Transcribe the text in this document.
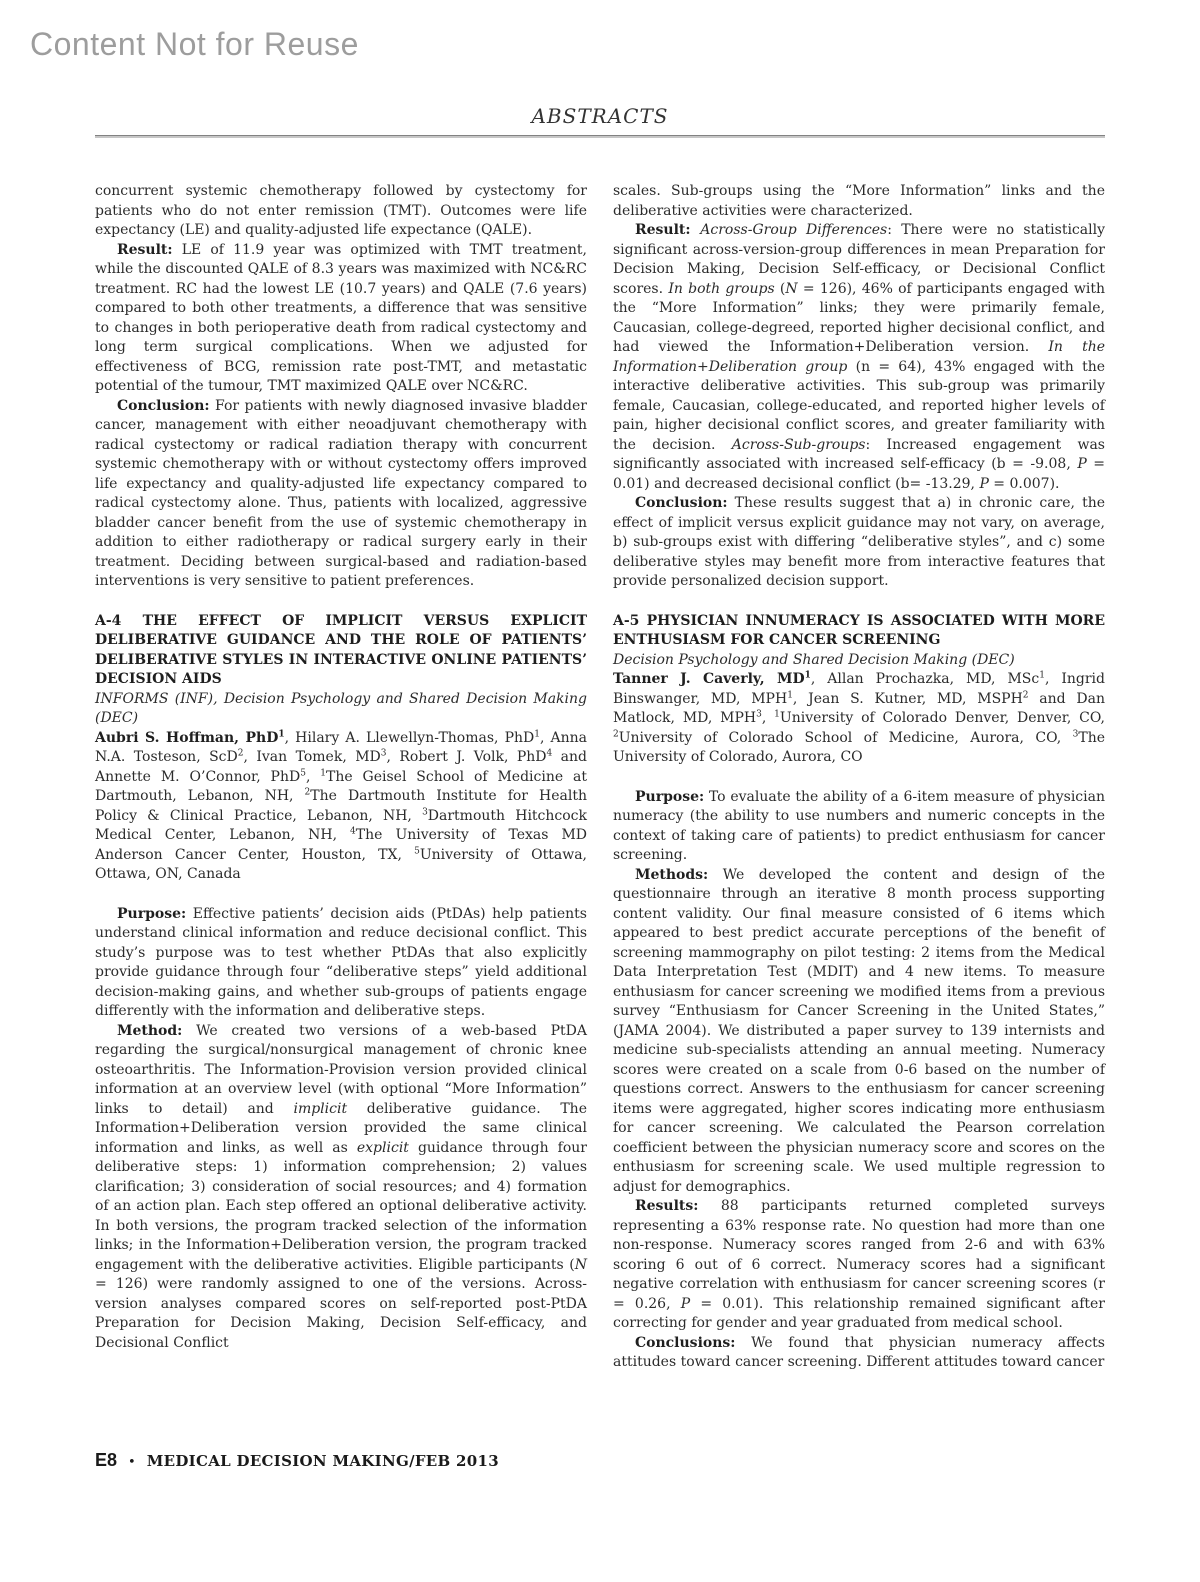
Content Not for Reuse
ABSTRACTS

concurrent systemic chemotherapy followed by cystectomy for patients who do not enter remission (TMT). Outcomes were life expectancy (LE) and quality-adjusted life expectance (QALE).

Result: LE of 11.9 year was optimized with TMT treatment, while the discounted QALE of 8.3 years was maximized with NC&RC treatment. RC had the lowest LE (10.7 years) and QALE (7.6 years) compared to both other treatments, a difference that was sensitive to changes in both perioperative death from radical cystectomy and long term surgical complications. When we adjusted for effectiveness of BCG, remission rate post-TMT, and metastatic potential of the tumour, TMT maximized QALE over NC&RC.

Conclusion: For patients with newly diagnosed invasive bladder cancer, management with either neoadjuvant chemotherapy with radical cystectomy or radical radiation therapy with concurrent systemic chemotherapy with or without cystectomy offers improved life expectancy and quality-adjusted life expectancy compared to radical cystectomy alone. Thus, patients with localized, aggressive bladder cancer benefit from the use of systemic chemotherapy in addition to either radiotherapy or radical surgery early in their treatment. Deciding between surgical-based and radiation-based interventions is very sensitive to patient preferences.

A-4 THE EFFECT OF IMPLICIT VERSUS EXPLICIT DELIBERATIVE GUIDANCE AND THE ROLE OF PATIENTS’ DELIBERATIVE STYLES IN INTERACTIVE ONLINE PATIENTS’ DECISION AIDS

INFORMS (INF), Decision Psychology and Shared Decision Making (DEC)

Aubri S. Hoffman, PhD$^1$, Hilary A. Llewellyn-Thomas, PhD$^1$, Anna N.A. Tosteson, ScD$^2$, Ivan Tomek, $MD^3$, Robert J. Volk, PhD$^4$ and Annette M. O’Connor, PhD$^5$, $^1$The Geisel School of Medicine at Dartmouth, Lebanon, NH, $^2$The Dartmouth Institute for Health Policy & Clinical Practice, Lebanon, NH, $^3$Dartmouth Hitchcock Medical Center, Lebanon, NH, $^4$The University of Texas MD Anderson Cancer Center, Houston, TX, $^5$University of Ottawa, Ottawa, ON, Canada

Purpose: Effective patients’ decision aids (PtDAs) help patients understand clinical information and reduce decisional conflict. This study’s purpose was to test whether PtDAs that also explicitly provide guidance through four “deliberative steps” yield additional decision-making gains, and whether sub-groups of patients engage differently with the information and deliberative steps.

Method: We created two versions of a web-based PtDA regarding the surgical/nonsurgical management of chronic knee osteoarthritis. The Information-Provision version provided clinical information at an overview level (with optional “More Information” links to detail) and implicit deliberative guidance. The Information+Deliberation version provided the same clinical information and links, as well as explicit guidance through four deliberative steps: 1) information comprehension; 2) values clarification; 3) consideration of social resources; and 4) formation of an action plan. Each step offered an optional deliberative activity. In both versions, the program tracked selection of the information links; in the Information+Deliberation version, the program tracked engagement with the deliberative activities. Eligible participants (N = 126) were randomly assigned to one of the versions. Across-version analyses compared scores on self-reported post-PtDA Preparation for Decision Making, Decision Self-efficacy, and Decisional Conflict

scales. Sub-groups using the “More Information” links and the deliberative activities were characterized.

Result: Across-Group Differences: There were no statistically significant across-version-group differences in mean Preparation for Decision Making, Decision Self-efficacy, or Decisional Conflict scores. In both groups (N = 126), 46% of participants engaged with the “More Information” links; they were primarily female, Caucasian, college-degreed, reported higher decisional conflict, and had viewed the Information+Deliberation version. In the Information+Deliberation group (n = 64), 43% engaged with the interactive deliberative activities. This sub-group was primarily female, Caucasian, college-educated, and reported higher levels of pain, higher decisional conflict scores, and greater familiarity with the decision. Across-Sub-groups: Increased engagement was significantly associated with increased self-efficacy (b = -9.08, P = 0.01) and decreased decisional conflict (b= -13.29, P = 0.007).

Conclusion: These results suggest that a) in chronic care, the effect of implicit versus explicit guidance may not vary, on average, b) sub-groups exist with differing “deliberative styles”, and c) some deliberative styles may benefit more from interactive features that provide personalized decision support.

A-5 PHYSICIAN INNUMERACY IS ASSOCIATED WITH MORE ENTHUSIASM FOR CANCER SCREENING

Decision Psychology and Shared Decision Making (DEC)

Tanner J. Caverly, $MD^1$, Allan Prochazka, MD, MSc$^1$, Ingrid Binswanger, MD, MPH$^1$, Jean S. Kutner, MD, MSPH$^2$ and Dan Matlock, MD, MPH$^3$, $^1$University of Colorado Denver, Denver, CO, $^2$University of Colorado School of Medicine, Aurora, CO, $^3$The University of Colorado, Aurora, CO

Purpose: To evaluate the ability of a 6-item measure of physician numeracy (the ability to use numbers and numeric concepts in the context of taking care of patients) to predict enthusiasm for cancer screening.

Methods: We developed the content and design of the questionnaire through an iterative 8 month process supporting content validity. Our final measure consisted of 6 items which appeared to best predict accurate perceptions of the benefit of screening mammography on pilot testing: 2 items from the Medical Data Interpretation Test (MDIT) and 4 new items. To measure enthusiasm for cancer screening we modified items from a previous survey “Enthusiasm for Cancer Screening in the United States,” (JAMA 2004). We distributed a paper survey to 139 internists and medicine sub-specialists attending an annual meeting. Numeracy scores were created on a scale from 0-6 based on the number of questions correct. Answers to the enthusiasm for cancer screening items were aggregated, higher scores indicating more enthusiasm for cancer screening. We calculated the Pearson correlation coefficient between the physician numeracy score and scores on the enthusiasm for screening scale. We used multiple regression to adjust for demographics.

Results: 88 participants returned completed surveys representing a 63% response rate. No question had more than one non-response. Numeracy scores ranged from 2-6 and with 63% scoring 6 out of 6 correct. Numeracy scores had a significant negative correlation with enthusiasm for cancer screening scores (r = 0.26, P = 0.01). This relationship remained significant after correcting for gender and year graduated from medical school.

Conclusions: We found that physician numeracy affects attitudes toward cancer screening. Different attitudes toward cancer

E8 • MEDICAL DECISION MAKING/FEB 2013
